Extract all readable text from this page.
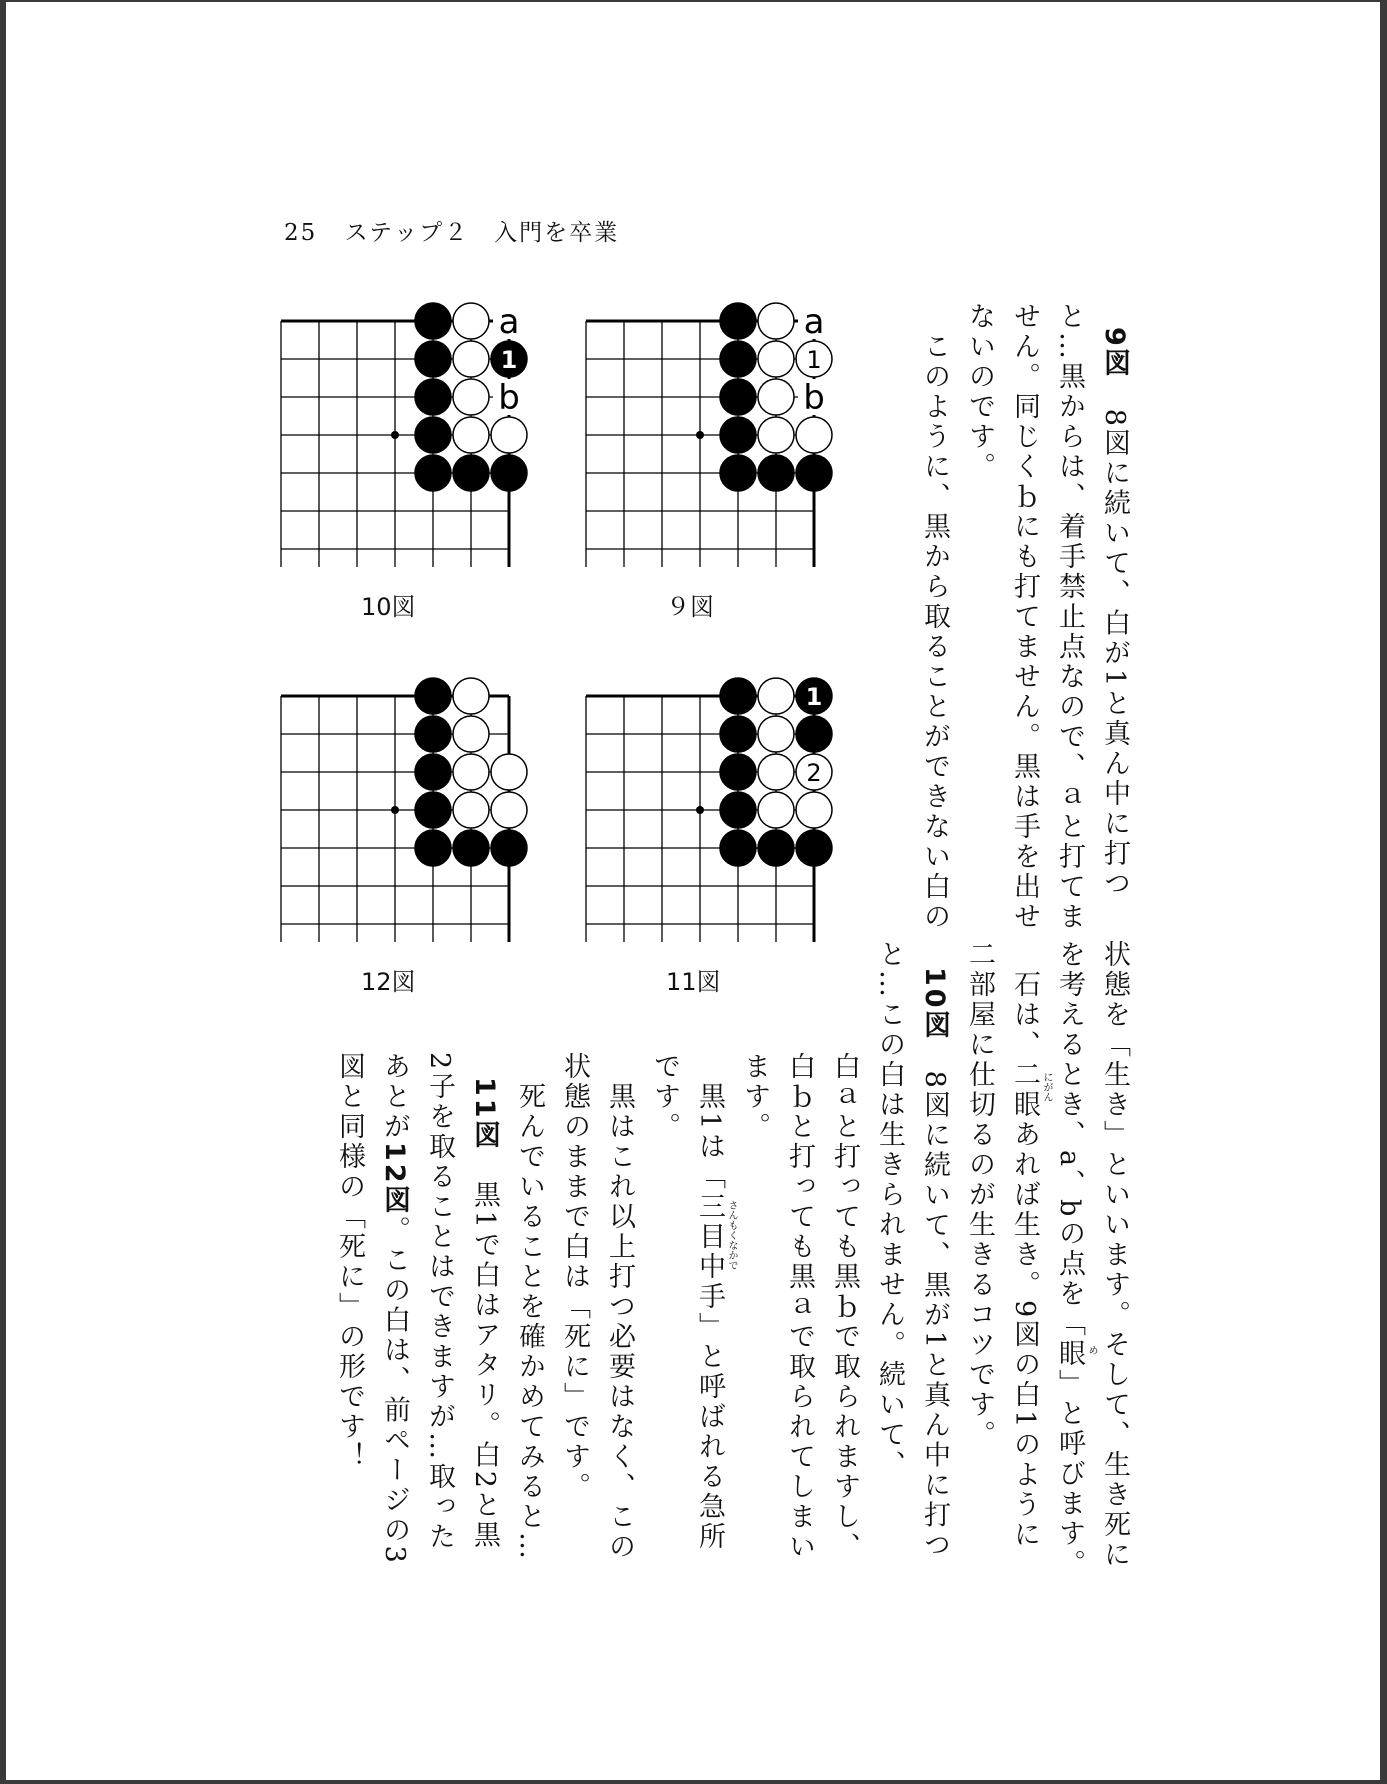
25 ステップ２　入門を卒業
a
b
1
10図
a
b
1
９図
12図
1
2
11図
9図　8図に続いて、白が1と真ん中に打つ
と…黒からは、着手禁止点なので、ａと打てま
せん。同じくｂにも打てません。黒は手を出せ
ないのです。
　このように、黒から取ることができない白の
状態を「生き」といいます。そして、生き死に
を考えるとき、a、bの点を「眼 め
」と呼びます。
　石は、二眼 にがん
あれば生き。9図の白1のように
二部屋に仕切るのが生きるコツです。
10図　8図に続いて、黒が1と真ん中に打つ
と…この白は生きられません。続いて、
白ａと打っても黒ｂで取られますし、
白ｂと打っても黒ａで取られてしまい
ます。
　黒1は「三目中手 さんもくなかで
」と呼ばれる急所
です。
　黒はこれ以上打つ必要はなく、この
状態のままで白は「死に」です。
　死んでいることを確かめてみると…
11図　黒1で白はアタリ。白2と黒
2子を取ることはできますが…取った
あとが12図。この白は、前ページの3
図と同様の「死に」の形です！
